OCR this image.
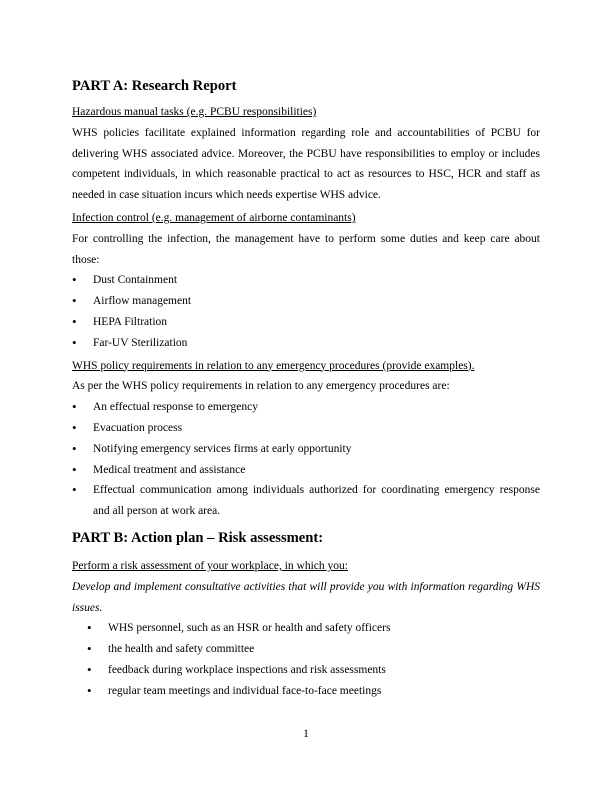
PART A: Research Report

Hazardous manual tasks (e.g. PCBU responsibilities)

WHS policies facilitate explained information regarding role and accountabilities of PCBU for delivering WHS associated advice. Moreover, the PCBU have responsibilities to employ or includes competent individuals, in which reasonable practical to act as resources to HSC, HCR and staff as needed in case situation incurs which needs expertise WHS advice.

Infection control (e.g. management of airborne contaminants)

For controlling the infection, the management have to perform some duties and keep care about those:

• Dust Containment
• Airflow management
• HEPA Filtration
• Far-UV Sterilization

WHS policy requirements in relation to any emergency procedures (provide examples).

As per the WHS policy requirements in relation to any emergency procedures are:

• An effectual response to emergency
• Evacuation process
• Notifying emergency services firms at early opportunity
• Medical treatment and assistance
• Effectual communication among individuals authorized for coordinating emergency response and all person at work area.
PART B: Action plan – Risk assessment:

Perform a risk assessment of your workplace, in which you:

Develop and implement consultative activities that will provide you with information regarding WHS issues.

• WHS personnel, such as an HSR or health and safety officers
• the health and safety committee
• feedback during workplace inspections and risk assessments
• regular team meetings and individual face-to-face meetings
1
